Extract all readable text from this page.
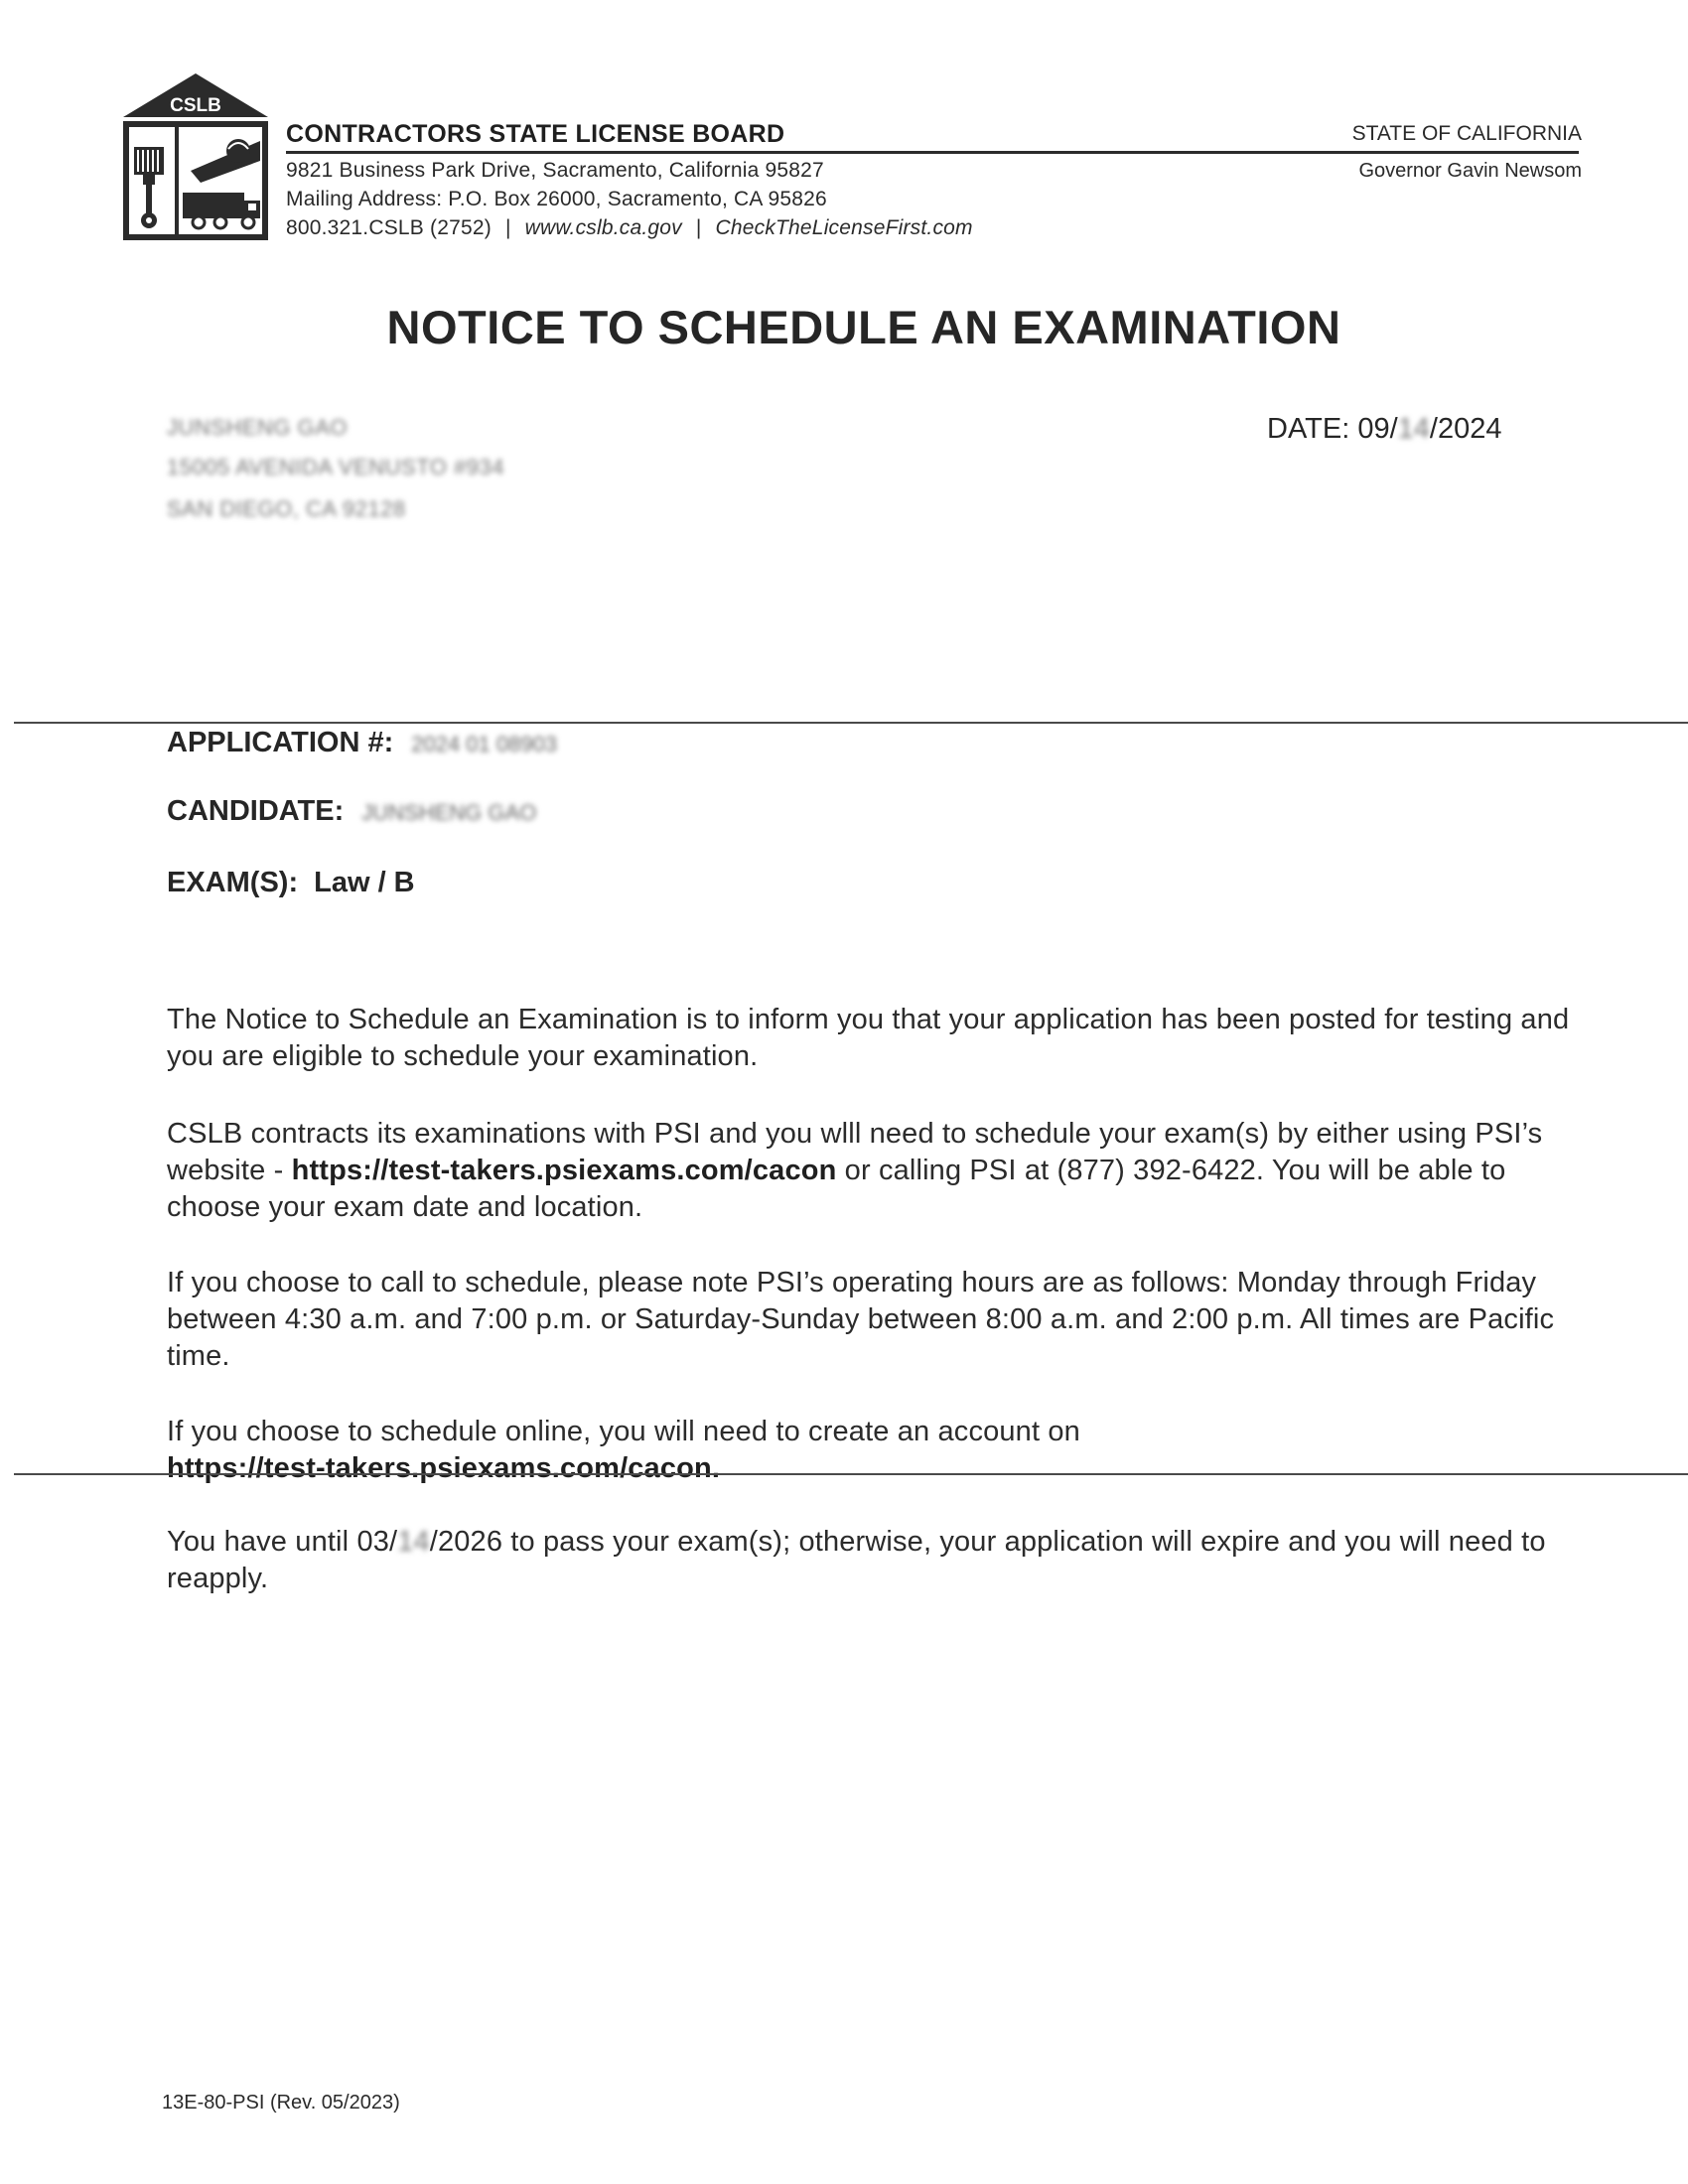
CSLB
CONTRACTORS STATE LICENSE BOARD
9821 Business Park Drive, Sacramento, California 95827
Mailing Address: P.O. Box 26000, Sacramento, CA 95826
800.321.CSLB (2752) | www.cslb.ca.gov | CheckTheLicenseFirst.com
STATE OF CALIFORNIA
Governor Gavin Newsom
NOTICE TO SCHEDULE AN EXAMINATION
JUNSHENG GAO
15005 AVENIDA VENUSTO #934
SAN DIEGO, CA 92128
DATE: 09/14/2024
APPLICATION #: 2024 01 08903
CANDIDATE: JUNSHENG GAO
EXAM(S): Law / B
The Notice to Schedule an Examination is to inform you that your application has been posted for testing and you are eligible to schedule your examination.
CSLB contracts its examinations with PSI and you wlll need to schedule your exam(s) by either using PSI’s website - https://test-takers.psiexams.com/cacon or calling PSI at (877) 392-6422. You will be able to choose your exam date and location.
If you choose to call to schedule, please note PSI’s operating hours are as follows: Monday through Friday between 4:30 a.m. and 7:00 p.m. or Saturday-Sunday between 8:00 a.m. and 2:00 p.m. All times are Pacific time.
If you choose to schedule online, you will need to create an account on
https://test-takers.psiexams.com/cacon.
You have until 03/14/2026 to pass your exam(s); otherwise, your application will expire and you will need to reapply.
13E-80-PSI (Rev. 05/2023)
